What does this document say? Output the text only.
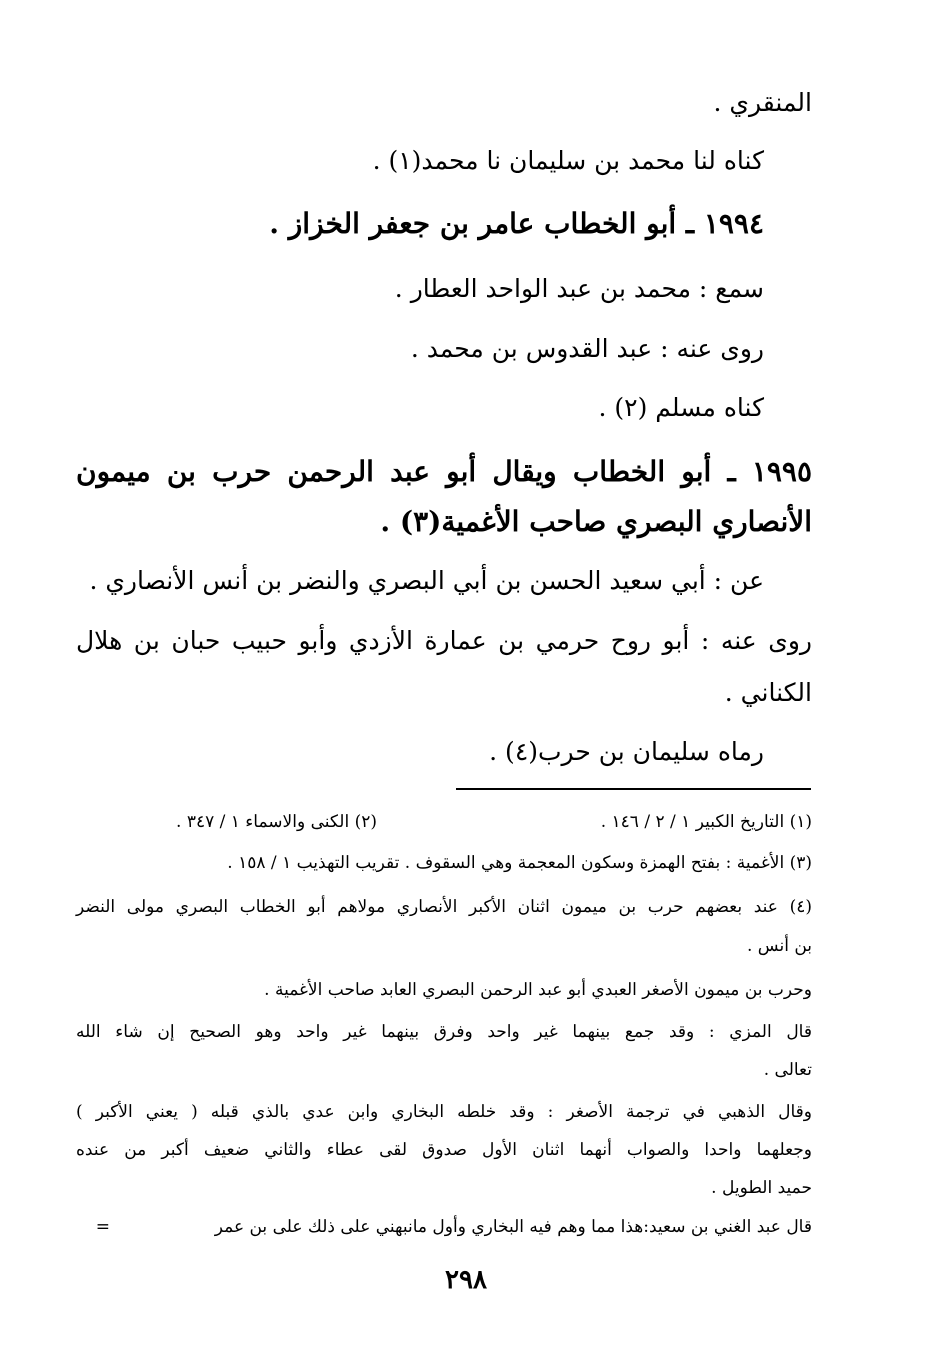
المنقري .

كناه لنا محمد بن سليمان نا محمد(١) .

١٩٩٤ ـ أبو الخطاب عامر بن جعفر الخزاز .

سمع : محمد بن عبد الواحد العطار .

روى عنه : عبد القدوس بن محمد .

كناه مسلم (٢) .

١٩٩٥ ـ أبو الخطاب ويقال أبو عبد الرحمن حرب بن ميمون

الأنصاري البصري صاحب الأغمية(٣) .

عن : أبي سعيد الحسن بن أبي البصري والنضر بن أنس الأنصاري .

روى عنه : أبو روح حرمي بن عمارة الأزدي وأبو حبيب حبان بن هلال

الكناني .

رماه سليمان بن حرب(٤) .

(١) التاريخ الكبير ١ / ٢ / ١٤٦ .

(٢) الكنى والاسماء ١ / ٣٤٧ .

(٣) الأغمية : بفتح الهمزة وسكون المعجمة وهي السقوف . تقريب التهذيب ١ / ١٥٨ .

(٤) عند بعضهم حرب بن ميمون اثنان الأكبر الأنصاري مولاهم أبو الخطاب البصري مولى النضر

بن أنس .

وحرب بن ميمون الأصغر العبدي أبو عبد الرحمن البصري العابد صاحب الأغمية .

قال المزي : وقد جمع بينهما غير واحد وفرق بينهما غير واحد وهو الصحيح إن شاء الله

تعالى .

وقال الذهبي في ترجمة الأصغر : وقد خلطه البخاري وابن عدي بالذي قبله ( يعني الأكبر )

وجعلهما واحدا والصواب أنهما اثنان الأول صدوق لقى عطاء والثاني ضعيف أكبر من عنده

حميد الطويل .

قال عبد الغني بن سعيد:هذا مما وهم فيه البخاري وأول مانبهني على ذلك على بن عمر

=

٢٩٨
